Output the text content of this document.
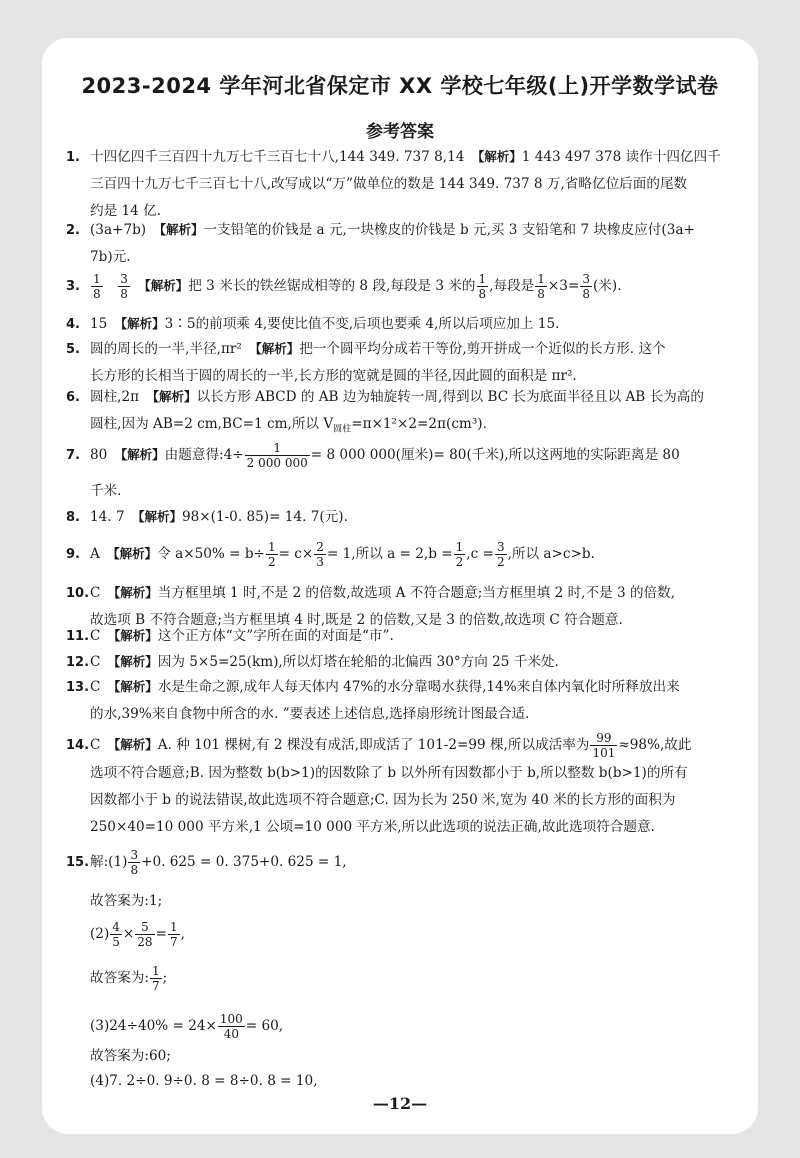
2023-2024 学年河北省保定市 XX 学校七年级(上)开学数学试卷
参考答案
1. 十四亿四千三百四十九万七千三百七十八,144 349. 737 8,14　 【解析】1 443 497 378 读作十四亿四千

三百四十九万七千三百七十八,改写成以“万”做单位的数是 144 349. 737 8 万,省略亿位后面的尾数
约是 14 亿.
2. (3a+7b)　 【解析】一支铅笔的价钱是 a 元,一块橡皮的价钱是 b 元,买 3 支铅笔和 7 块橡皮应付(3a+
7b)元.
3. $\frac{1}{8}$
　 $\frac{3}{8}$
　 【解析】把 3 米长的铁丝锯成相等的 8 段,每段是 3 米的 $\frac{1}{8}$ ,每段是 $\frac{1}{8} \times 3= \frac{3}{8}$ (米).
4. 15　 【解析】3∶5的前项乘 4,要使比值不变,后项也要乘 4,所以后项应加上 15.
5. 圆的周长的一半,半径,πr²　 【解析】把一个圆平均分成若干等份,剪开拼成一个近似的长方形. 这个
长方形的长相当于圆的周长的一半,长方形的宽就是圆的半径,因此圆的面积是 πr².
6. 圆柱,2π　 【解析】以长方形 ABCD 的 AB 边为轴旋转一周,得到以 BC 长为底面半径且以 AB 长为高的
圆柱,因为 AB=2 cm,BC=1 cm,所以 $V_{圆柱}=\pi\times 1^2\times 2=2\pi(cm^3)$.
7. 80　 【解析】由题意得:4÷ $\frac{1}{2 000 000} = 8$ 000 000(厘米)= 80(千米),所以这两地的实际距离是 80
千米.
8. 14. 7　 【解析】98×(1-0. 85)= 14. 7(元).
9. A　 【解析】令 $a\times 50\% = b\div \frac{1}{2} = c\times \frac{2}{3} = 1$,所以 $a = 2,b = \frac{1}{2} ,c = \frac{3}{2}$ ,所以 a>c>b.
10.C　 【解析】当方框里填 1 时,不是 2 的倍数,故选项 A 不符合题意;当方框里填 2 时,不是 3 的倍数,
故选项 B 不符合题意;当方框里填 4 时,既是 2 的倍数,又是 3 的倍数,故选项 C 符合题意.
11.C　 【解析】这个正方体“文”字所在面的对面是“市”.
12.C　 【解析】因为 5×5=25(km),所以灯塔在轮船的北偏西 30°方向 25 千米处.
13.C　 【解析】水是生命之源,成年人每天体内 47%的水分靠喝水获得,14%来自体内氧化时所释放出来
的水,39%来自食物中所含的水. ”要表述上述信息,选择扇形统计图最合适.
14.C　 【解析】A. 种 101 棵树,有 2 棵没有成活,即成活了 101-2=99 棵,所以成活率为 $\frac{99}{101} \approx 98\%$,故此
选项不符合题意;B. 因为整数 b(b>1)的因数除了 b 以外所有因数都小于 b,所以整数 b(b>1)的所有
因数都小于 b 的说法错误,故此选项不符合题意;C. 因为长为 250 米,宽为 40 米的长方形的面积为
250×40=10 000 平方米,1 公顷=10 000 平方米,所以此选项的说法正确,故此选项符合题意.
15.解:(1) $\frac{3}{8} +0$. 625 = 0. 375+0. 625 = 1,
故答案为:1;
$(2) \frac{4}{5} \times \frac{5}{28} = \frac{1}{7}$ ,
故答案为: $\frac{1}{7}$ ;
$(3)24\div 40\% = 24\times \frac{100}{40} = 60$,
故答案为:60;
(4)7. 2÷0. 9÷0. 8 = 8÷0. 8 = 10,
—12—
